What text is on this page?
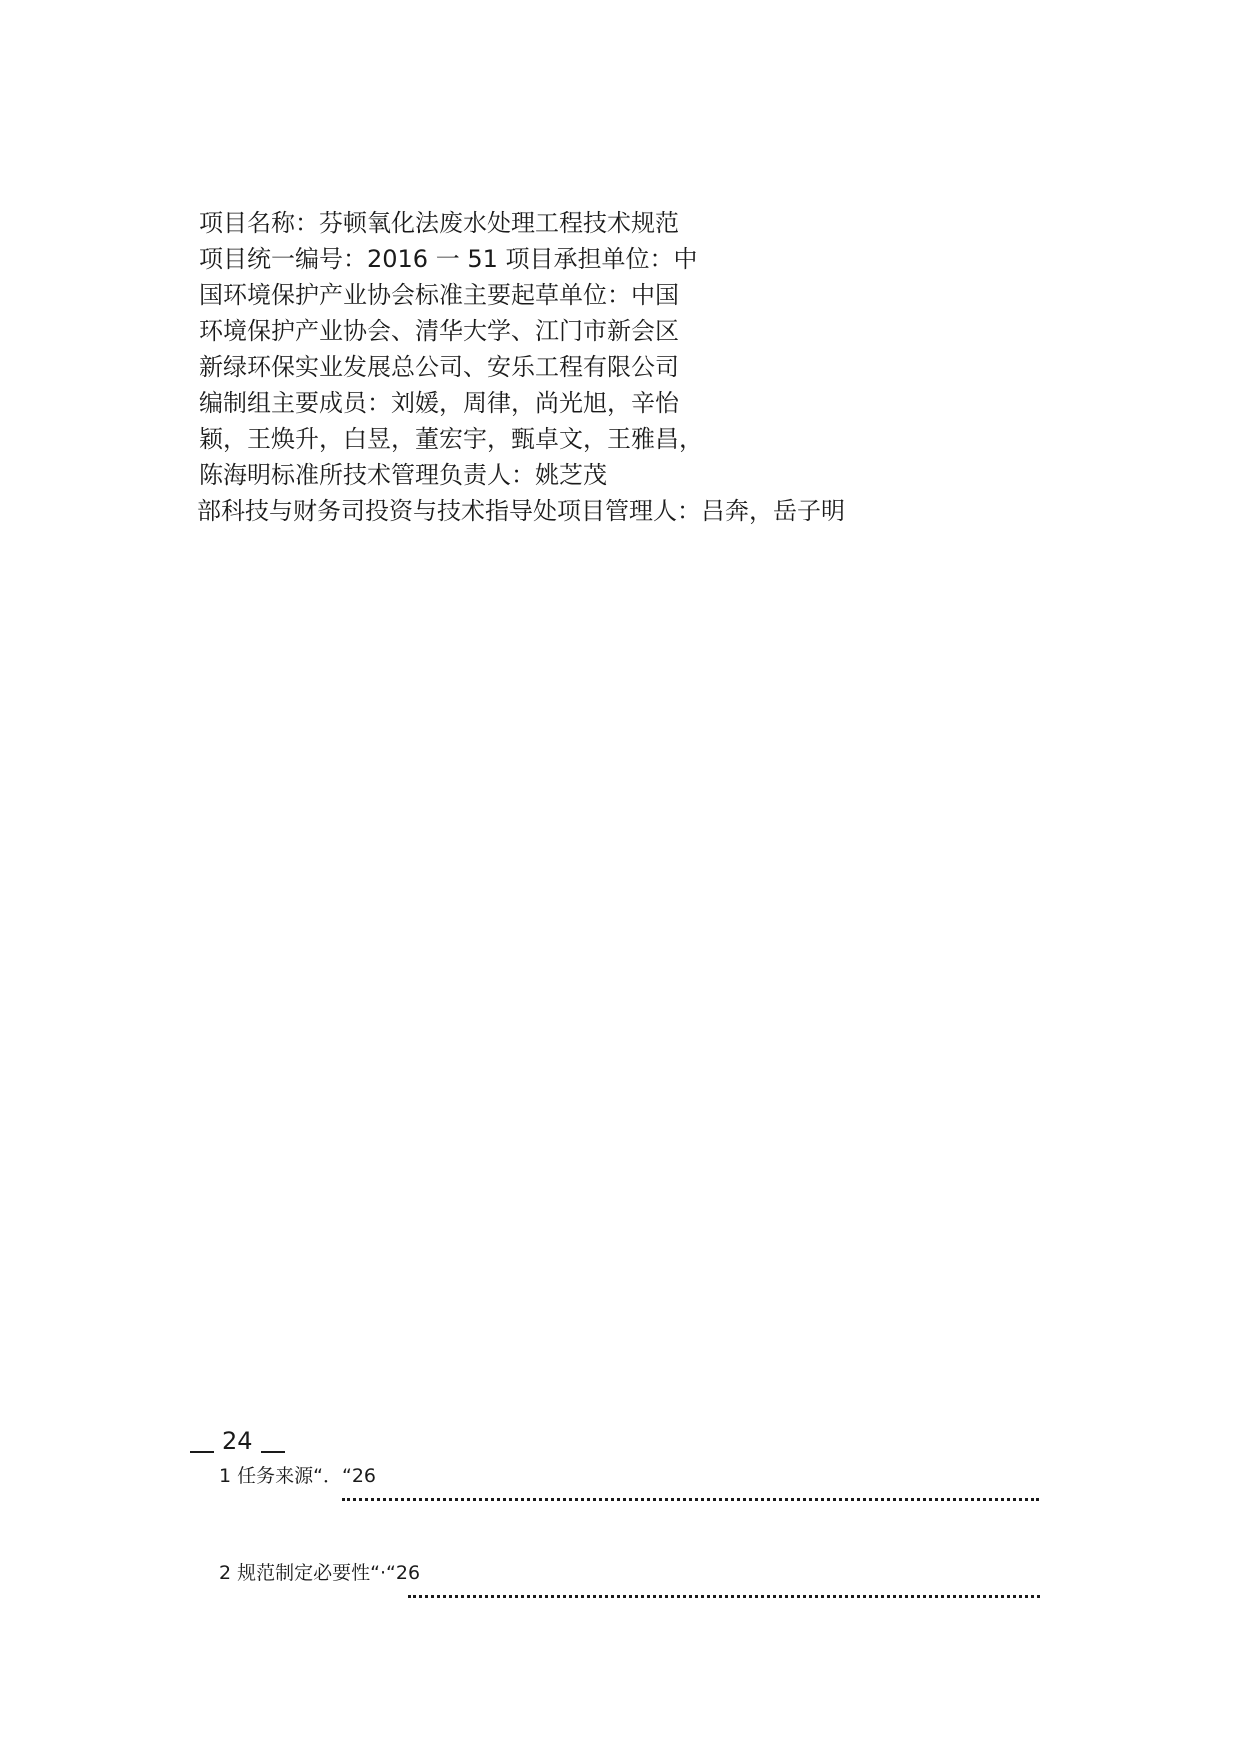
项目名称：芬顿氧化法废水处理工程技术规范
项目统一编号：2016 一 51 项目承担单位：中
国环境保护产业协会标准主要起草单位：中国
环境保护产业协会、清华大学、江门市新会区
新绿环保实业发展总公司、安乐工程有限公司
编制组主要成员：刘媛，周律，尚光旭，辛怡
颖，王焕升，白昱，董宏宇，甄卓文，王雅昌，
陈海明标准所技术管理负责人：姚芝茂
部科技与财务司投资与技术指导处项目管理人：吕奔，岳子明
24
1 任务来源“．“26
2 规范制定必要性“·“26
